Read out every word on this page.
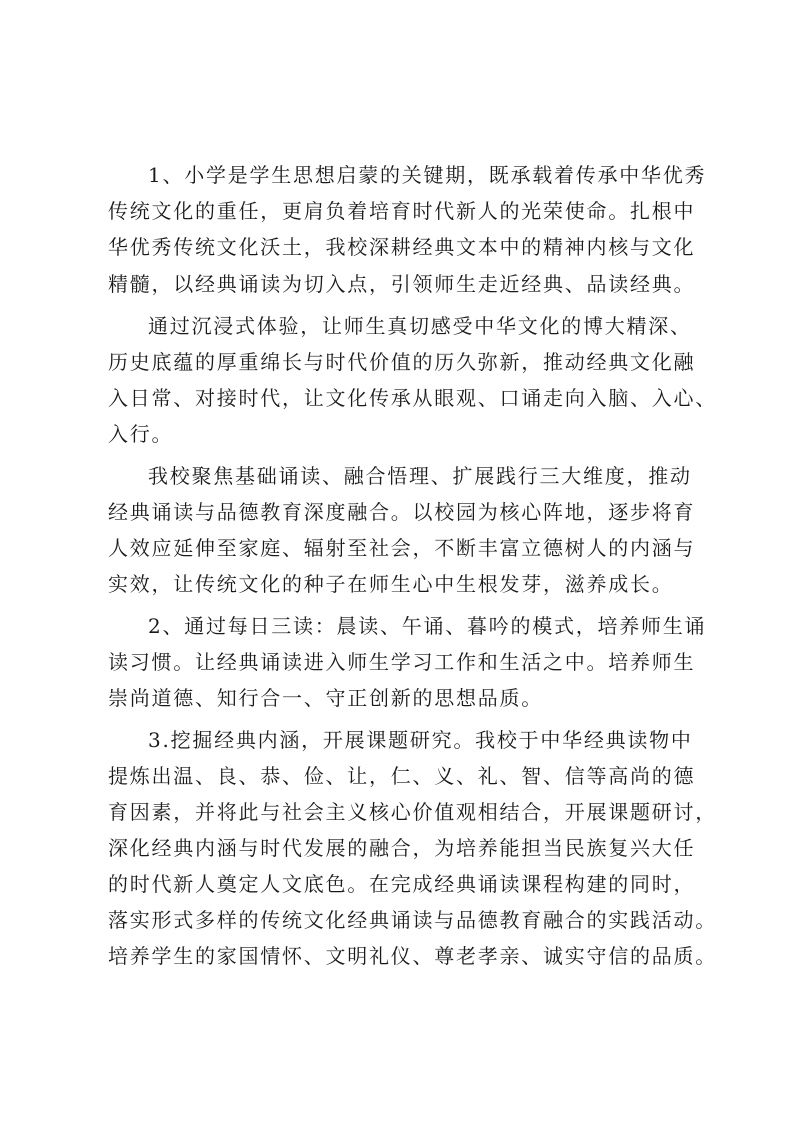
1、小学是学生思想启蒙的关键期，既承载着传承中华优秀
传统文化的重任，更肩负着培育时代新人的光荣使命。扎根中
华优秀传统文化沃土，我校深耕经典文本中的精神内核与文化
精髓，以经典诵读为切入点，引领师生走近经典、品读经典。
通过沉浸式体验，让师生真切感受中华文化的博大精深、
历史底蕴的厚重绵长与时代价值的历久弥新，推动经典文化融
入日常、对接时代，让文化传承从眼观、口诵走向入脑、入心、
入行。
我校聚焦基础诵读、融合悟理、扩展践行三大维度，推动
经典诵读与品德教育深度融合。以校园为核心阵地，逐步将育
人效应延伸至家庭、辐射至社会，不断丰富立德树人的内涵与
实效，让传统文化的种子在师生心中生根发芽，滋养成长。
2、通过每日三读：晨读、午诵、暮吟的模式，培养师生诵
读习惯。让经典诵读进入师生学习工作和生活之中。培养师生
崇尚道德、知行合一、守正创新的思想品质。
3.挖掘经典内涵，开展课题研究。我校于中华经典读物中
提炼出温、良、恭、俭、让，仁、义、礼、智、信等高尚的德
育因素，并将此与社会主义核心价值观相结合，开展课题研讨，
深化经典内涵与时代发展的融合，为培养能担当民族复兴大任
的时代新人奠定人文底色。在完成经典诵读课程构建的同时，
落实形式多样的传统文化经典诵读与品德教育融合的实践活动。
培养学生的家国情怀、文明礼仪、尊老孝亲、诚实守信的品质。
